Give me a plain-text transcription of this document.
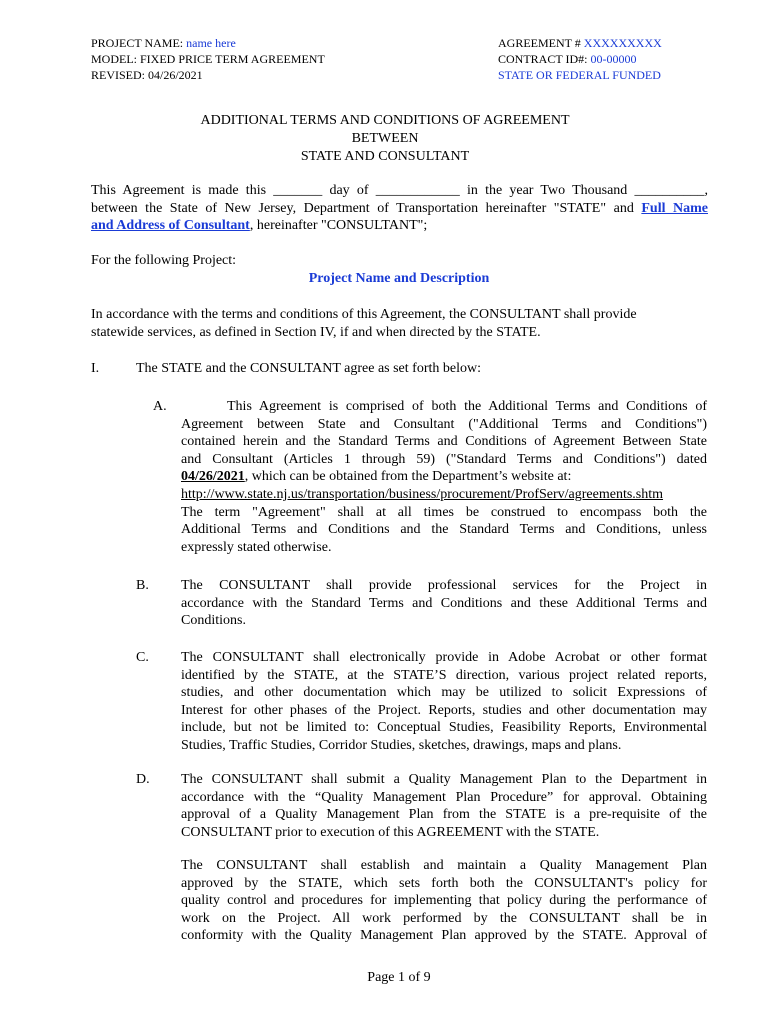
PROJECT NAME: name here
MODEL: FIXED PRICE TERM AGREEMENT
REVISED: 04/26/2021
AGREEMENT # XXXXXXXXX
CONTRACT ID#: 00-00000
STATE OR FEDERAL FUNDED
ADDITIONAL TERMS AND CONDITIONS OF AGREEMENT
BETWEEN
STATE AND CONSULTANT
This Agreement is made this _______ day of ____________ in the year Two Thousand __________,
between the State of New Jersey, Department of Transportation hereinafter "STATE" and Full Name
and Address of Consultant, hereinafter "CONSULTANT";
For the following Project:
Project Name and Description
In accordance with the terms and conditions of this Agreement, the CONSULTANT shall provide
statewide services, as defined in Section IV, if and when directed by the STATE.
I.	The STATE and the CONSULTANT agree as set forth below:
A.	This Agreement is comprised of both the Additional Terms and Conditions of
Agreement between State and Consultant ("Additional Terms and Conditions")
contained herein and the Standard Terms and Conditions of Agreement Between State
and Consultant (Articles 1 through 59) ("Standard Terms and Conditions") dated
04/26/2021, which can be obtained from the Department’s website at:
http://www.state.nj.us/transportation/business/procurement/ProfServ/agreements.shtm
The term "Agreement" shall at all times be construed to encompass both the
Additional Terms and Conditions and the Standard Terms and Conditions, unless
expressly stated otherwise.
B. The CONSULTANT shall provide professional services for the Project in
accordance with the Standard Terms and Conditions and these Additional Terms and
Conditions.
C. The CONSULTANT shall electronically provide in Adobe Acrobat or other format
identified by the STATE, at the STATE’S direction, various project related reports,
studies, and other documentation which may be utilized to solicit Expressions of
Interest for other phases of the Project. Reports, studies and other documentation may
include, but not be limited to: Conceptual Studies, Feasibility Reports, Environmental
Studies, Traffic Studies, Corridor Studies, sketches, drawings, maps and plans.
D. The CONSULTANT shall submit a Quality Management Plan to the Department in
accordance with the “Quality Management Plan Procedure” for approval. Obtaining
approval of a Quality Management Plan from the STATE is a pre-requisite of the
CONSULTANT prior to execution of this AGREEMENT with the STATE.
The CONSULTANT shall establish and maintain a Quality Management Plan
approved by the STATE, which sets forth both the CONSULTANT's policy for
quality control and procedures for implementing that policy during the performance of
work on the Project. All work performed by the CONSULTANT shall be in
conformity with the Quality Management Plan approved by the STATE. Approval of
Page 1 of 9
